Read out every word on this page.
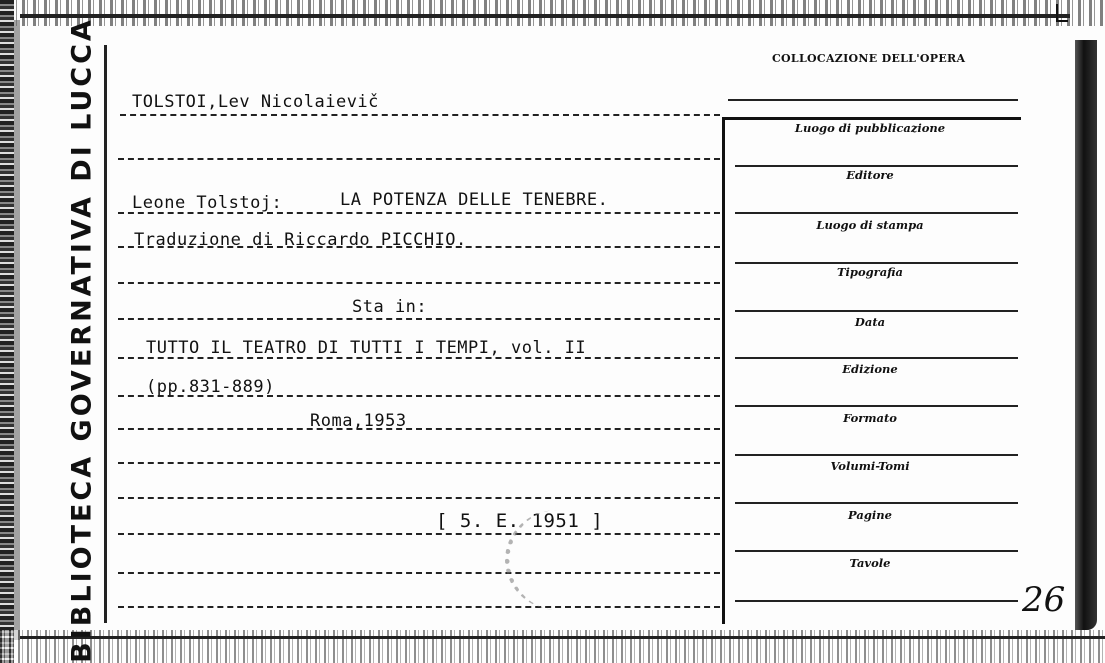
BIBLIOTECA GOVERNATIVA DI LUCCA TOLSTOI,Lev Nicolaievič
Leone Tolstoj:	LA POTENZA DELLE TENEBRE.
Traduzione di Riccardo PICCHIO.
Sta in:
TUTTO IL TEATRO DI TUTTI I TEMPI, vol. II
(pp.831-889)
Roma,1953
[ 5. E. 1951 ]
COLLOCAZIONE DELL'OPERA
Luogo di pubblicazione
Editore
Luogo di stampa
Tipografia
Data
Edizione
Formato
Volumi-Tomi
Pagine
Tavole
26
